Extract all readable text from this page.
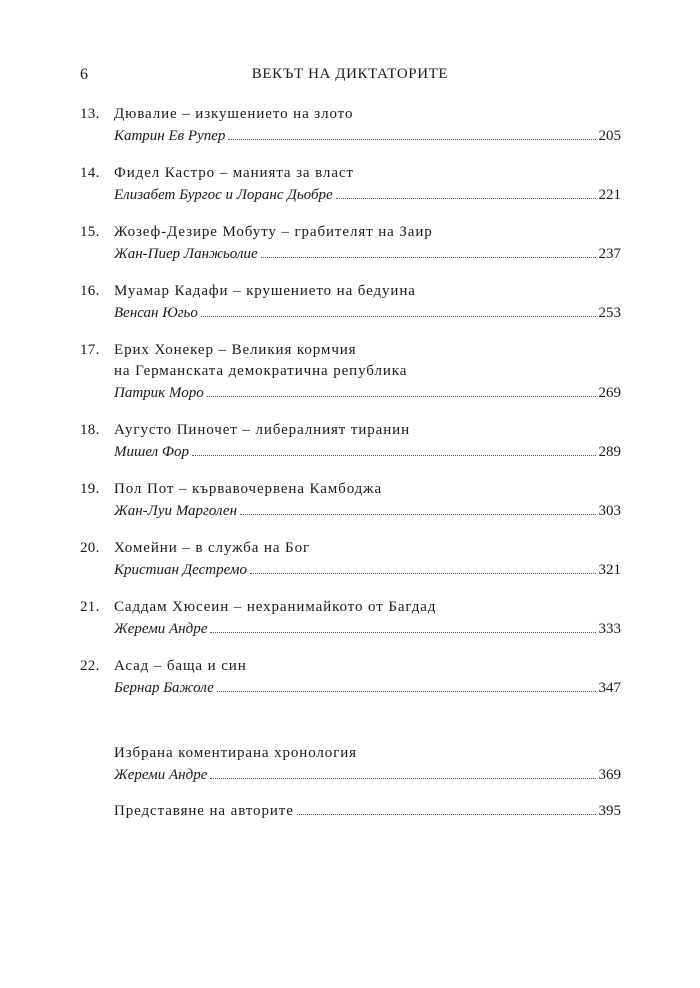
6	ВЕКЪТ НА ДИКТАТОРИТЕ
13. Дювалие – изкушението на злото
Катрин Ев Рупер	205
14. Фидел Кастро – манията за власт
Елизабет Бургос и Лоранс Дьобре	221
15. Жозеф-Дезире Мобуту – грабителят на Заир
Жан-Пиер Ланжьолие	237
16. Муамар Кадафи – крушението на бедуина
Венсан Югьо	253
17. Ерих Хонекер – Великия кормчия
на Германската демократична република
Патрик Моро	269
18. Аугусто Пиночет – либералният тиранин
Мишел Фор	289
19. Пол Пот – кървавочервена Камбоджа
Жан-Луи Марголен	303
20. Хомейни – в служба на Бог
Кристиан Дестремо	321
21. Саддам Хюсеин – нехранимайкото от Багдад
Жереми Андре	333
22. Асад – баща и син
Бернар Бажоле	347
Избрана коментирана хронология
Жереми Андре	369
Представяне на авторите	395
